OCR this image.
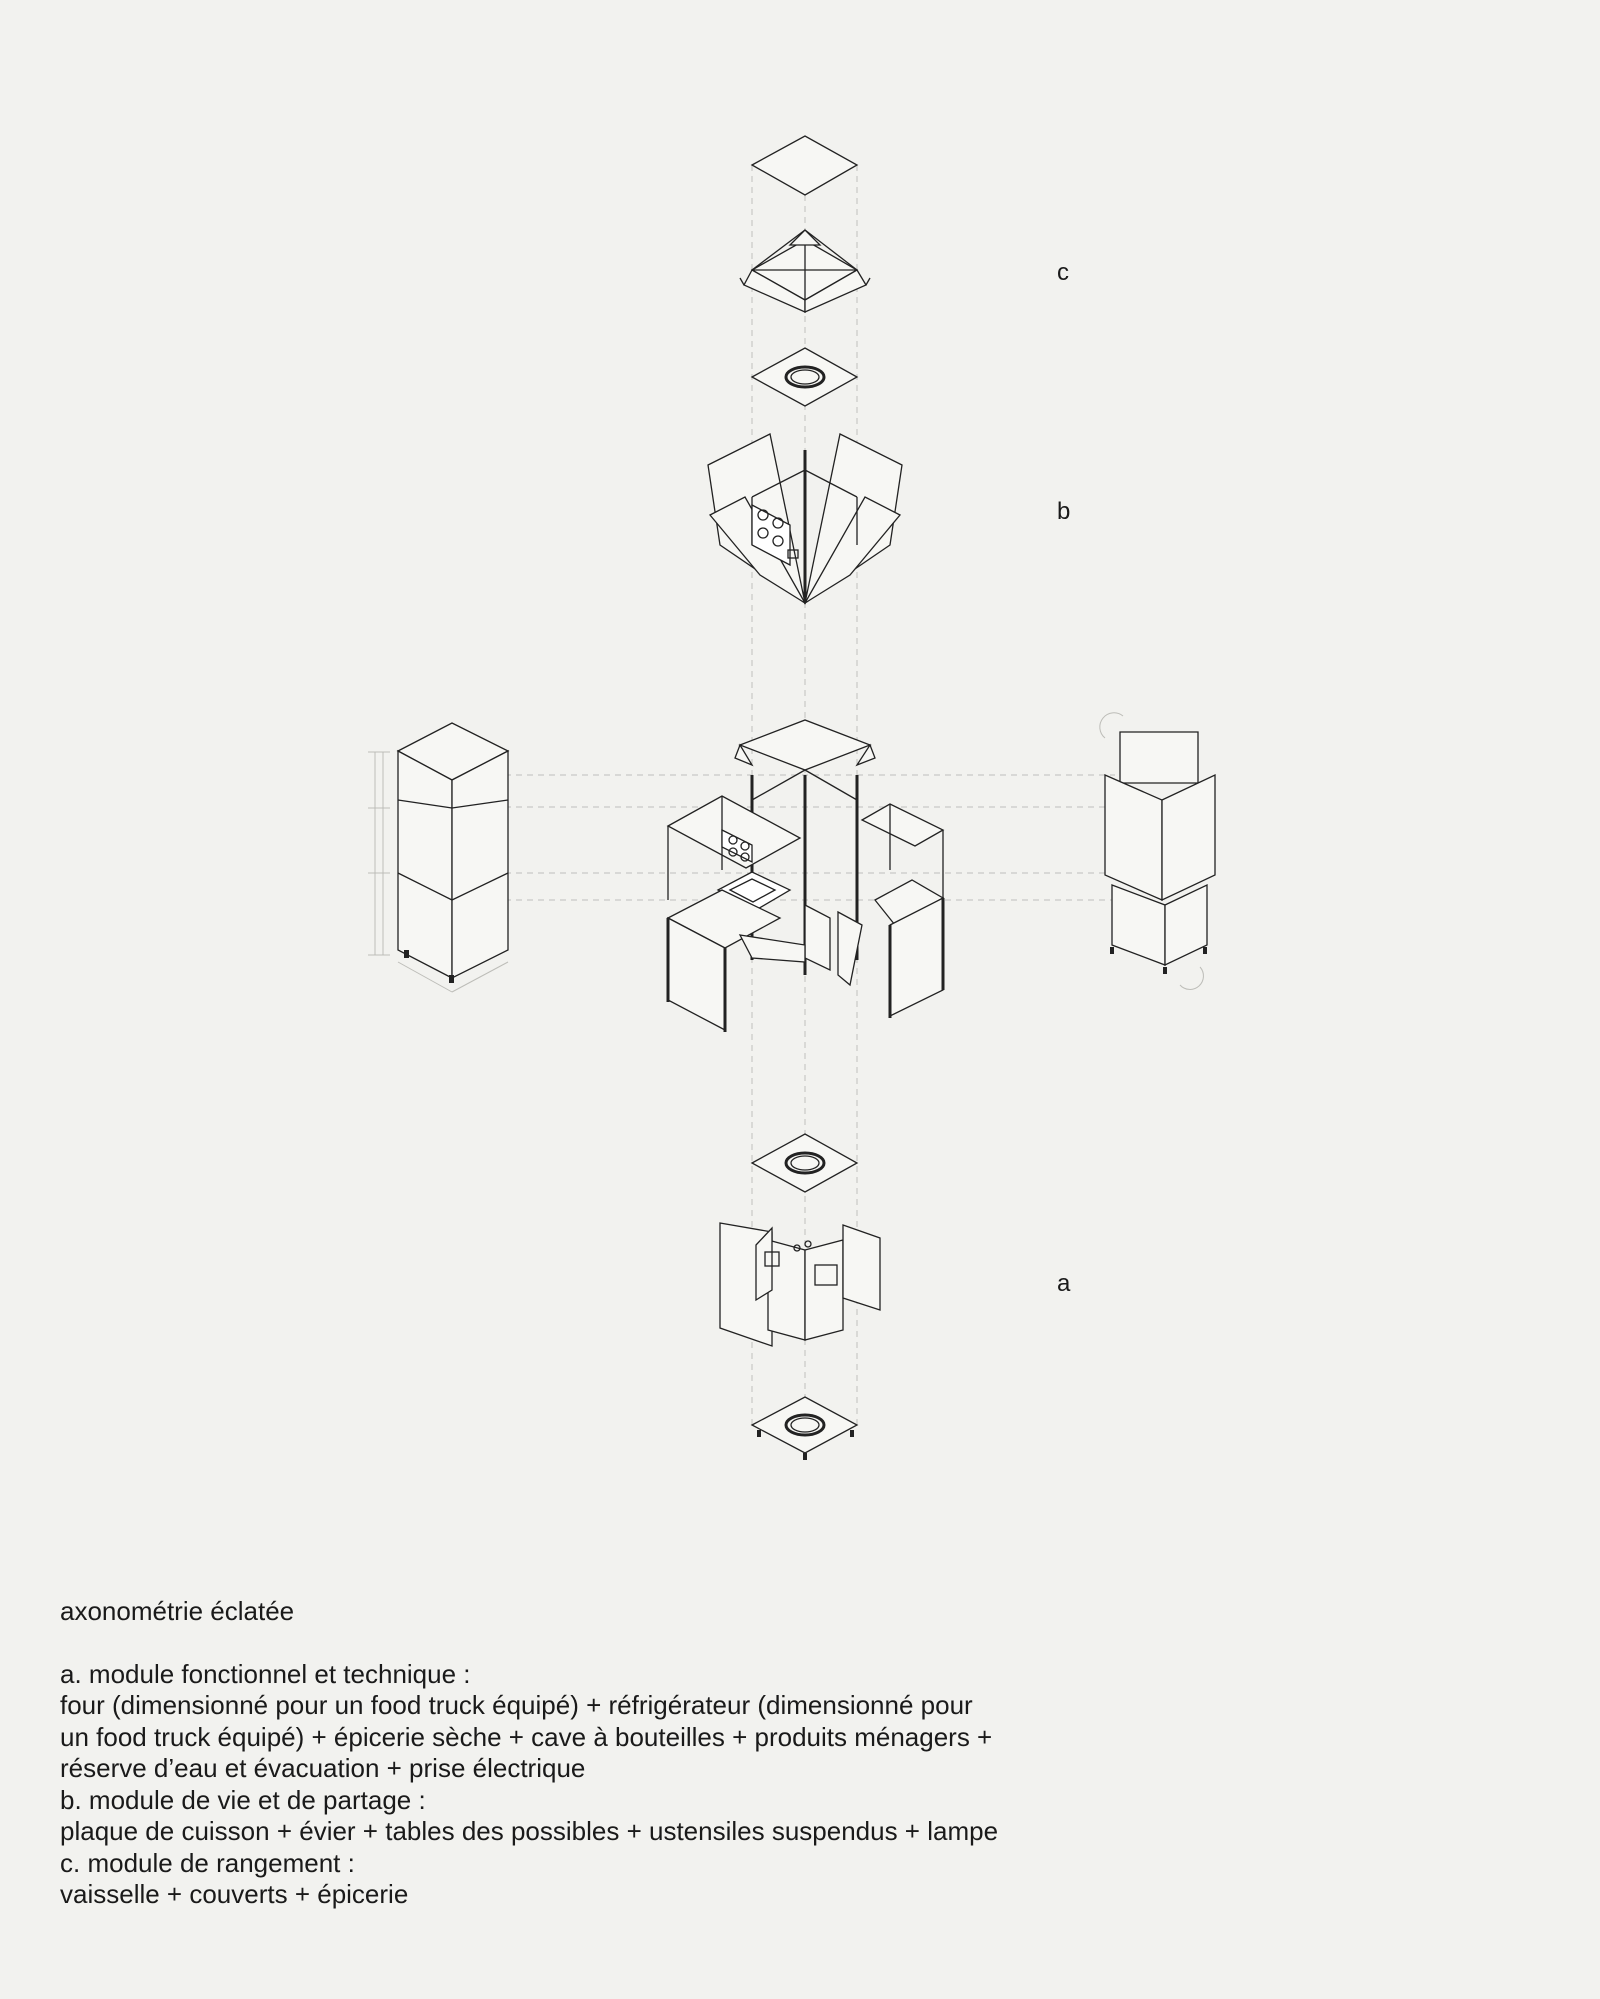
c
b
a
axonométrie éclatée
a. module fonctionnel et technique :
four (dimensionné pour un food truck équipé) + réfrigérateur (dimensionné pour
un food truck équipé) + épicerie sèche + cave à bouteilles + produits ménagers +
réserve d’eau et évacuation + prise électrique
b. module de vie et de partage :
plaque de cuisson + évier + tables des possibles + ustensiles suspendus + lampe
c. module de rangement :
vaisselle + couverts + épicerie
